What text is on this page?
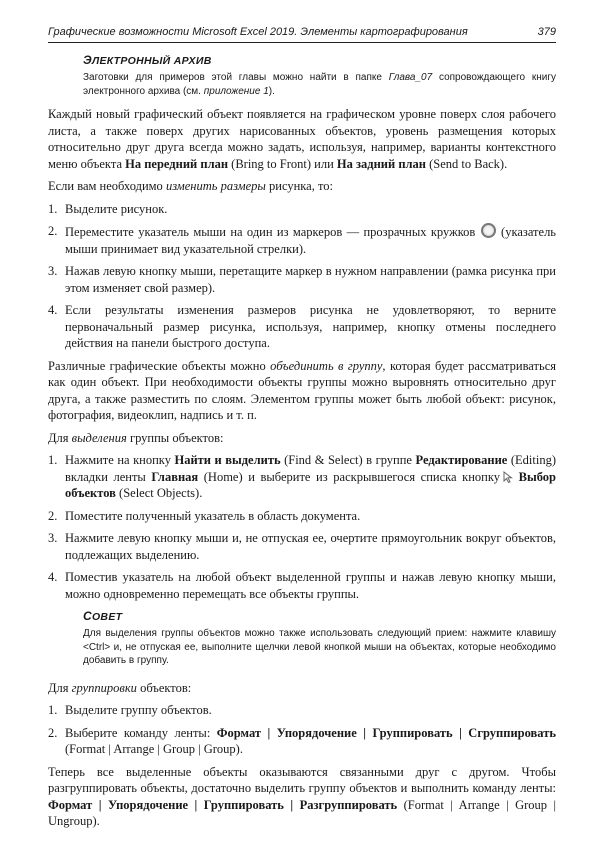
Графические возможности Microsoft Excel 2019. Элементы картографирования	379
ЭЛЕКТРОННЫЙ АРХИВ

Заготовки для примеров этой главы можно найти в папке Глава_07 сопровождающего книгу электронного архива (см. приложение 1).

Каждый новый графический объект появляется на графическом уровне поверх слоя рабочего листа, а также поверх других нарисованных объектов, уровень размещения которых относительно друг друга всегда можно задать, используя, например, варианты контекстного меню объекта На передний план (Bring to Front) или На задний план (Send to Back).

Если вам необходимо изменить размеры рисунка, то:

1. Выделите рисунок.
2. Переместите указатель мыши на один из маркеров — прозрачных кружков (указатель мыши принимает вид указательной стрелки).
3. Нажав левую кнопку мыши, перетащите маркер в нужном направлении (рамка рисунка при этом изменяет свой размер).
4. Если результаты изменения размеров рисунка не удовлетворяют, то верните первоначальный размер рисунка, используя, например, кнопку отмены последнего действия на панели быстрого доступа.

Различные графические объекты можно объединить в группу, которая будет рассматриваться как один объект. При необходимости объекты группы можно выровнять относительно друг друга, а также разместить по слоям. Элементом группы может быть любой объект: рисунок, фотография, видеоклип, надпись и т. п.

Для выделения группы объектов:

1. Нажмите на кнопку Найти и выделить (Find & Select) в группе Редактирование (Editing) вкладки ленты Главная (Home) и выберите из раскрывшегося списка кнопку Выбор объектов (Select Objects).
2. Поместите полученный указатель в область документа.
3. Нажмите левую кнопку мыши и, не отпуская ее, очертите прямоугольник вокруг объектов, подлежащих выделению.
4. Поместив указатель на любой объект выделенной группы и нажав левую кнопку мыши, можно одновременно перемещать все объекты группы.
СОВЕТ

Для выделения группы объектов можно также использовать следующий прием: нажмите клавишу <Ctrl> и, не отпуская ее, выполните щелчки левой кнопкой мыши на объектах, которые необходимо добавить в группу.

Для группировки объектов:

1. Выделите группу объектов.
2. Выберите команду ленты: Формат | Упорядочение | Группировать | Сгруппировать (Format | Arrange | Group | Group).

Теперь все выделенные объекты оказываются связанными друг с другом. Чтобы разгруппировать объекты, достаточно выделить группу объектов и выполнить команду ленты: Формат | Упорядочение | Группировать | Разгруппировать (Format | Arrange | Group | Ungroup).
